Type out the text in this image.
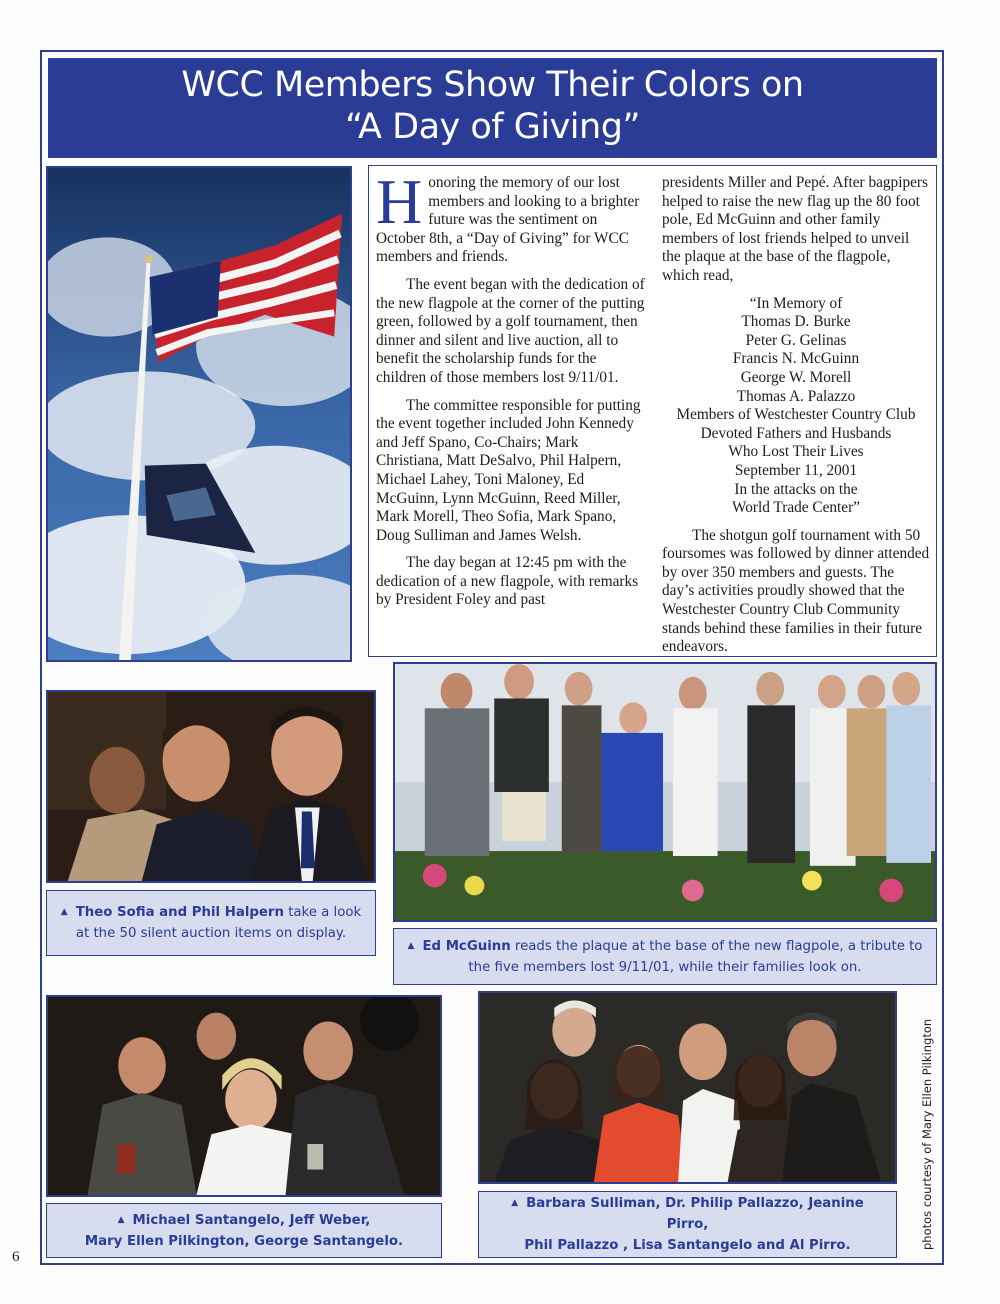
WCC Members Show Their Colors on
“A Day of Giving”

Honoring the memory of our lost members and looking to a brighter future was the sentiment on October 8th, a “Day of Giving” for WCC members and friends.

The event began with the dedication of the new flagpole at the corner of the putting green, followed by a golf tournament, then dinner and silent and live auction, all to benefit the scholarship funds for the children of those members lost 9/11/01.

The committee responsible for putting the event together included John Kennedy and Jeff Spano, Co-Chairs; Mark Christiana, Matt DeSalvo, Phil Halpern, Michael Lahey, Toni Maloney, Ed McGuinn, Lynn McGuinn, Reed Miller, Mark Morell, Theo Sofia, Mark Spano, Doug Sulliman and James Welsh.

The day began at 12:45 pm with the dedication of a new flagpole, with remarks by President Foley and past

presidents Miller and Pepé. After bagpipers helped to raise the new flag up the 80 foot pole, Ed McGuinn and other family members of lost friends helped to unveil the plaque at the base of the flagpole, which read,

“In Memory of
Thomas D. Burke
Peter G. Gelinas
Francis N. McGuinn
George W. Morell
Thomas A. Palazzo
Members of Westchester Country Club
Devoted Fathers and Husbands
Who Lost Their Lives
September 11, 2001
In the attacks on the
World Trade Center”

The shotgun golf tournament with 50 foursomes was followed by dinner attended by over 350 members and guests. The day’s activities proudly showed that the Westchester Country Club Community stands behind these families in their future endeavors.

▲ Theo Sofia and Phil Halpern take a look at the 50 silent auction items on display.
▲ Ed McGuinn reads the plaque at the base of the new flagpole, a tribute to the five members lost 9/11/01, while their families look on.
▲ Michael Santangelo, Jeff Weber,
Mary Ellen Pilkington, George Santangelo.
▲ Barbara Sulliman, Dr. Philip Pallazzo, Jeanine Pirro,
Phil Pallazzo , Lisa Santangelo and Al Pirro.	photos courtesy of Mary Ellen Pilkington
6
